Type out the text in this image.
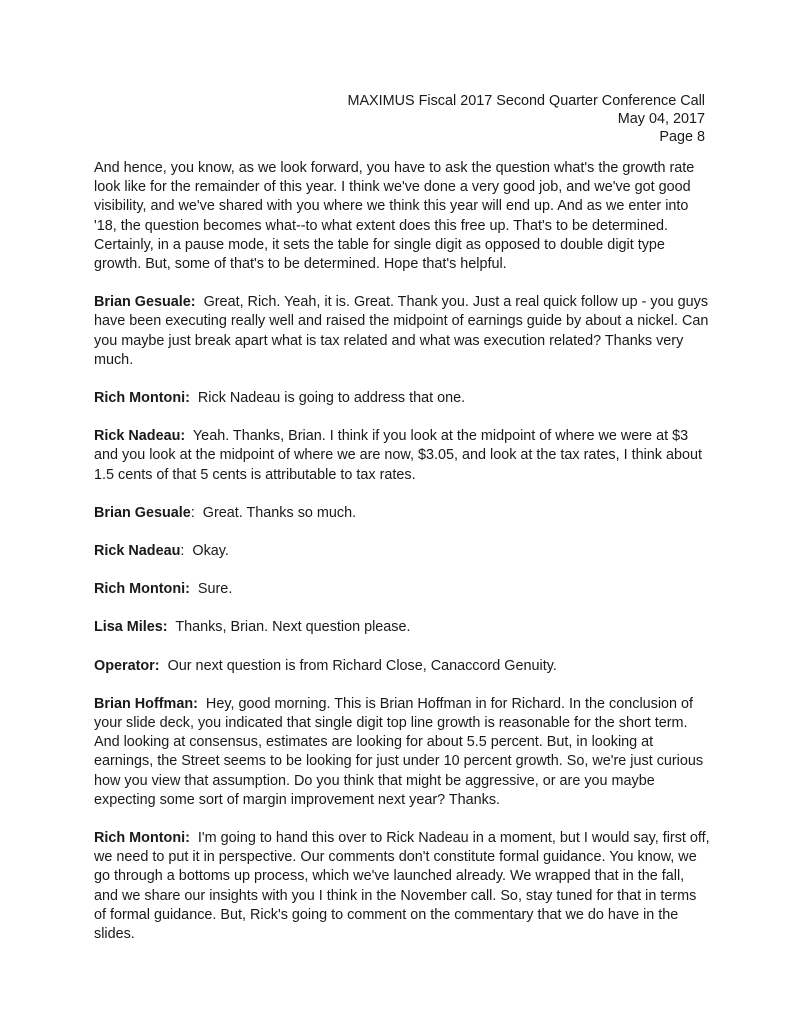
MAXIMUS Fiscal 2017 Second Quarter Conference Call
May 04, 2017
Page 8

And hence, you know, as we look forward, you have to ask the question what's the growth rate look like for the remainder of this year. I think we've done a very good job, and we've got good visibility, and we've shared with you where we think this year will end up. And as we enter into '18, the question becomes what--to what extent does this free up. That's to be determined. Certainly, in a pause mode, it sets the table for single digit as opposed to double digit type growth. But, some of that's to be determined. Hope that's helpful.

Brian Gesuale:  Great, Rich. Yeah, it is. Great. Thank you. Just a real quick follow up - you guys have been executing really well and raised the midpoint of earnings guide by about a nickel. Can you maybe just break apart what is tax related and what was execution related? Thanks very much.

Rich Montoni:  Rick Nadeau is going to address that one.

Rick Nadeau:  Yeah. Thanks, Brian. I think if you look at the midpoint of where we were at $3 and you look at the midpoint of where we are now, $3.05, and look at the tax rates, I think about 1.5 cents of that 5 cents is attributable to tax rates.

Brian Gesuale:  Great. Thanks so much.

Rick Nadeau:  Okay.

Rich Montoni:  Sure.

Lisa Miles:  Thanks, Brian. Next question please.

Operator:  Our next question is from Richard Close, Canaccord Genuity.

Brian Hoffman:  Hey, good morning. This is Brian Hoffman in for Richard. In the conclusion of your slide deck, you indicated that single digit top line growth is reasonable for the short term. And looking at consensus, estimates are looking for about 5.5 percent. But, in looking at earnings, the Street seems to be looking for just under 10 percent growth. So, we're just curious how you view that assumption. Do you think that might be aggressive, or are you maybe expecting some sort of margin improvement next year? Thanks.

Rich Montoni:  I'm going to hand this over to Rick Nadeau in a moment, but I would say, first off, we need to put it in perspective. Our comments don't constitute formal guidance. You know, we go through a bottoms up process, which we've launched already. We wrapped that in the fall, and we share our insights with you I think in the November call. So, stay tuned for that in terms of formal guidance. But, Rick's going to comment on the commentary that we do have in the slides.
